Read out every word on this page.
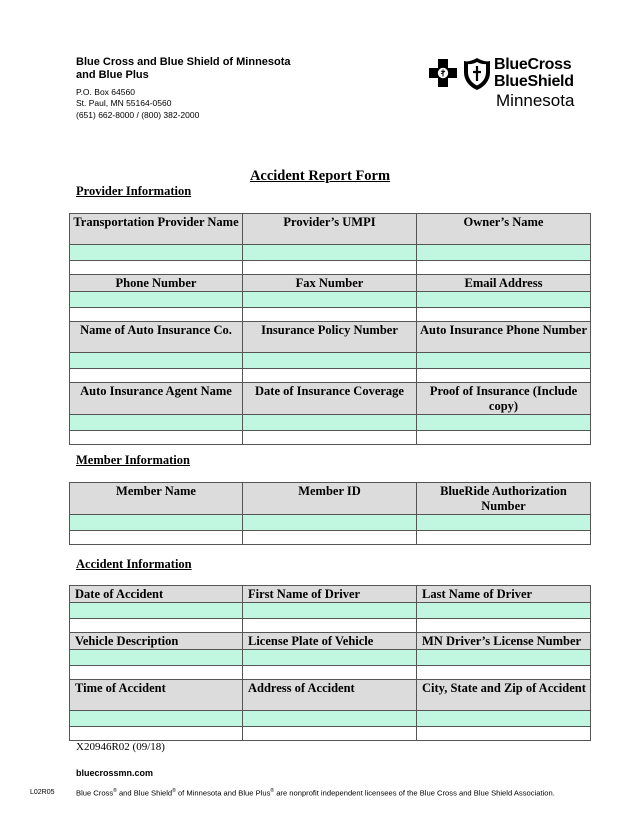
Blue Cross and Blue Shield of Minnesota
and Blue Plus
P.O. Box 64560
St. Paul, MN 55164-0560
(651) 662-8000 / (800) 382-2000
BlueCross
BlueShield
Minnesota
Accident Report Form
Provider Information
Transportation Provider Name	Provider’s UMPI	Owner’s Name

Phone Number	Fax Number	Email Address

Name of Auto Insurance Co.	Insurance Policy Number	Auto Insurance Phone Number

Auto Insurance Agent Name	Date of Insurance Coverage	Proof of Insurance (Include copy)

Member Information
Member Name	Member ID	BlueRide Authorization Number

Accident Information
Date of Accident	First Name of Driver	Last Name of Driver

Vehicle Description	License Plate of Vehicle	MN Driver’s License Number

Time of Accident	Address of Accident	City, State and Zip of Accident

X20946R02 (09/18)
bluecrossmn.com
L02R05	Blue Cross® and Blue Shield® of Minnesota and Blue Plus® are nonprofit independent licensees of the Blue Cross and Blue Shield Association.
